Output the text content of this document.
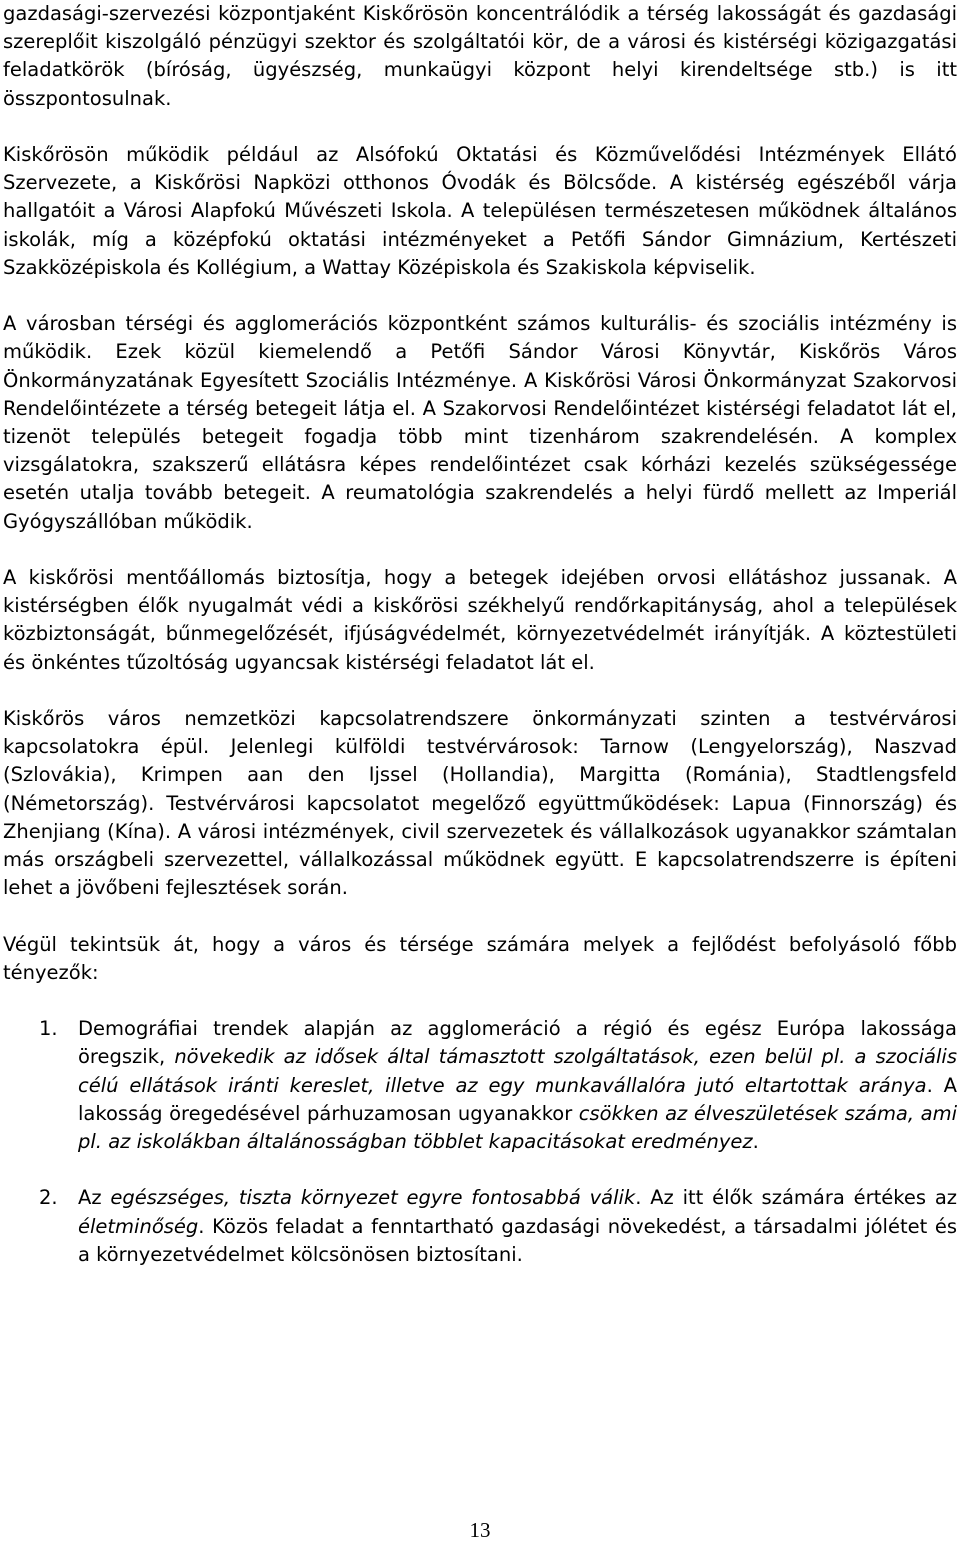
gazdasági-szervezési központjaként Kiskőrösön koncentrálódik a térség lakosságát és gazdasági szereplőit kiszolgáló pénzügyi szektor és szolgáltatói kör, de a városi és kistérségi közigazgatási feladatkörök (bíróság, ügyészség, munkaügyi központ helyi kirendeltsége stb.) is itt összpontosulnak.

Kiskőrösön működik például az Alsófokú Oktatási és Közművelődési Intézmények Ellátó Szervezete, a Kiskőrösi Napközi otthonos Óvodák és Bölcsőde. A kistérség egészéből várja hallgatóit a Városi Alapfokú Művészeti Iskola. A településen természetesen működnek általános iskolák, míg a középfokú oktatási intézményeket a Petőfi Sándor Gimnázium, Kertészeti Szakközépiskola és Kollégium, a Wattay Középiskola és Szakiskola képviselik.

A városban térségi és agglomerációs központként számos kulturális- és szociális intézmény is működik. Ezek közül kiemelendő a Petőfi Sándor Városi Könyvtár, Kiskőrös Város Önkormányzatának Egyesített Szociális Intézménye. A Kiskőrösi Városi Önkormányzat Szakorvosi Rendelőintézete a térség betegeit látja el. A Szakorvosi Rendelőintézet kistérségi feladatot lát el, tizenöt település betegeit fogadja több mint tizenhárom szakrendelésén. A komplex vizsgálatokra, szakszerű ellátásra képes rendelőintézet csak kórházi kezelés szükségessége esetén utalja tovább betegeit. A reumatológia szakrendelés a helyi fürdő mellett az Imperiál Gyógyszállóban működik.

A kiskőrösi mentőállomás biztosítja, hogy a betegek idejében orvosi ellátáshoz jussanak. A kistérségben élők nyugalmát védi a kiskőrösi székhelyű rendőrkapitányság, ahol a települések közbiztonságát, bűnmegelőzését, ifjúságvédelmét, környezetvédelmét irányítják. A köztestületi és önkéntes tűzoltóság ugyancsak kistérségi feladatot lát el.

Kiskőrös város nemzetközi kapcsolatrendszere önkormányzati szinten a testvérvárosi kapcsolatokra épül. Jelenlegi külföldi testvérvárosok: Tarnow (Lengyelország), Naszvad (Szlovákia), Krimpen aan den Ijssel (Hollandia), Margitta (Románia), Stadtlengsfeld (Németország). Testvérvárosi kapcsolatot megelőző együttműködések: Lapua (Finnország) és Zhenjiang (Kína). A városi intézmények, civil szervezetek és vállalkozások ugyanakkor számtalan más országbeli szervezettel, vállalkozással működnek együtt. E kapcsolatrendszerre is építeni lehet a jövőbeni fejlesztések során.

Végül tekintsük át, hogy a város és térsége számára melyek a fejlődést befolyásoló főbb tényezők:

1. Demográfiai trendek alapján az agglomeráció a régió és egész Európa lakossága öregszik, növekedik az idősek által támasztott szolgáltatások, ezen belül pl. a szociális célú ellátások iránti kereslet, illetve az egy munkavállalóra jutó eltartottak aránya. A lakosság öregedésével párhuzamosan ugyanakkor csökken az élveszületések száma, ami pl. az iskolákban általánosságban többlet kapacitásokat eredményez.
2. Az egészséges, tiszta környezet egyre fontosabbá válik. Az itt élők számára értékes az életminőség. Közös feladat a fenntartható gazdasági növekedést, a társadalmi jólétet és a környezetvédelmet kölcsönösen biztosítani.
13
